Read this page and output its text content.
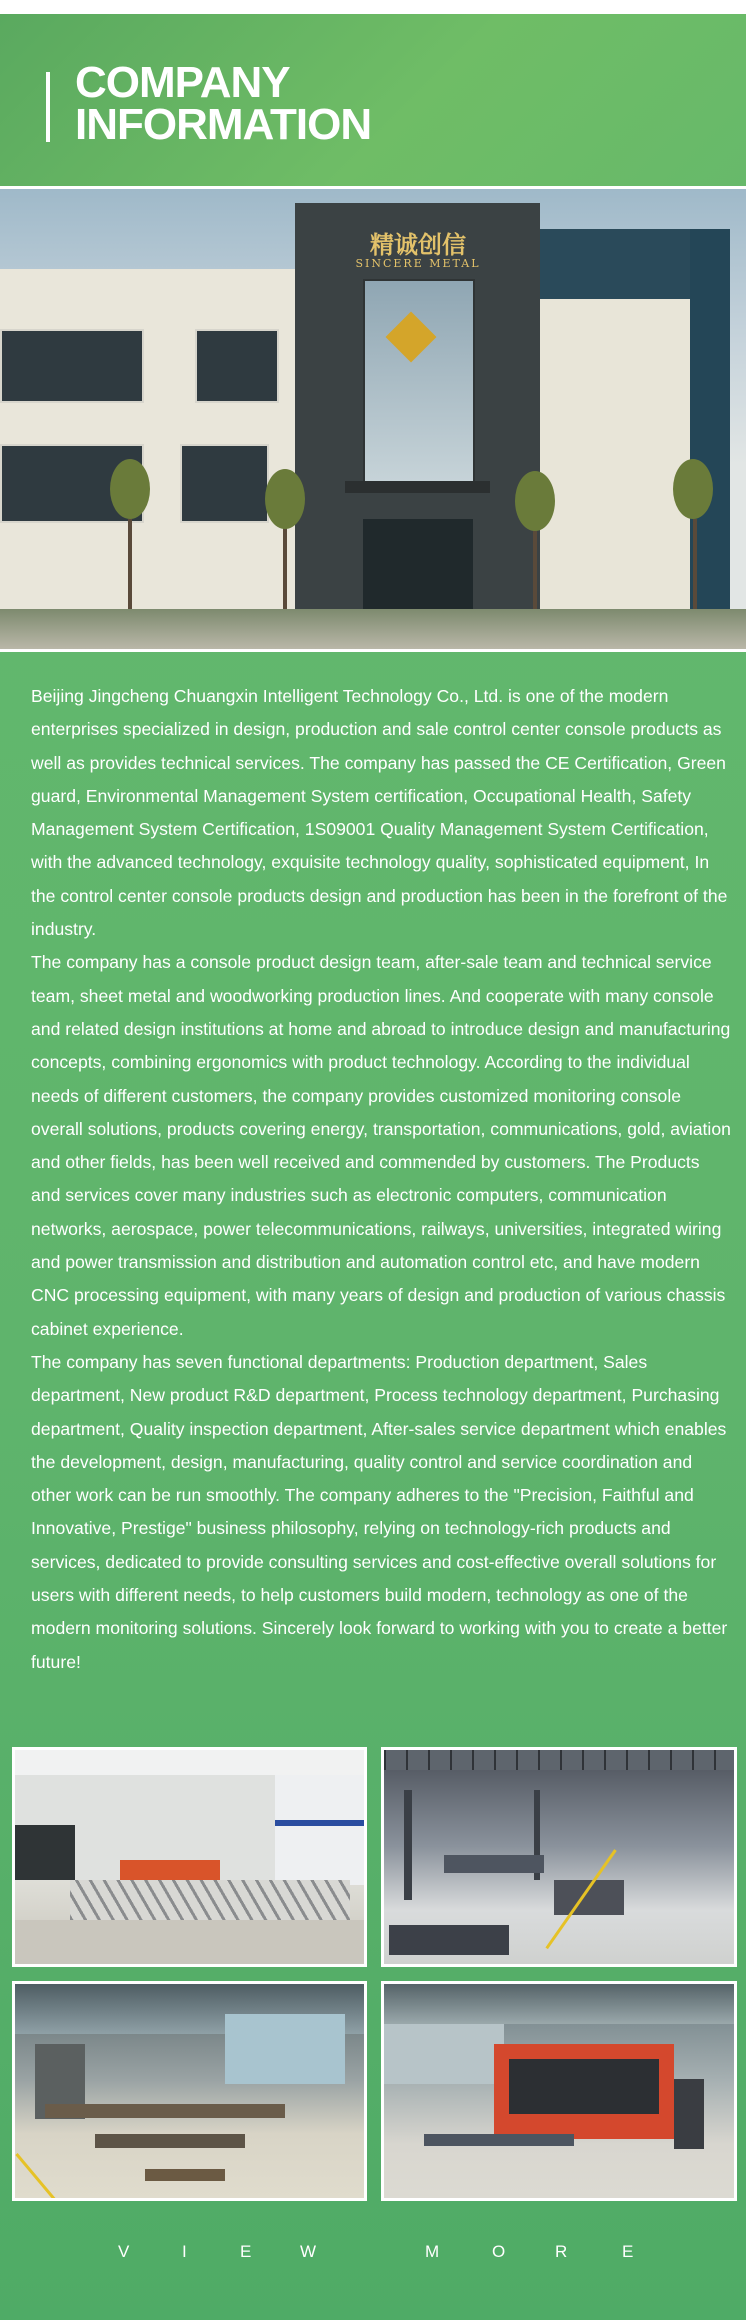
COMPANY
INFORMATION
精诚创信
SINCERE METAL

Beijing Jingcheng Chuangxin Intelligent Technology Co., Ltd. is one of the modern enterprises specialized in design, production and sale control center console products as well as provides technical services. The company has passed the CE Certification, Green guard, Environmental Management System certification, Occupational Health, Safety Management System Certification, 1S09001 Quality Management System Certification, with the advanced technology, exquisite technology quality, sophisticated equipment, In the control center console products design and production has been in the forefront of the industry.

The company has a console product design team, after-sale team and technical service team, sheet metal and woodworking production lines. And cooperate with many console and related design institutions at home and abroad to introduce design and manufacturing concepts, combining ergonomics with product technology. According to the individual needs of different customers, the company provides customized monitoring console overall solutions, products covering energy, transportation, communications, gold, aviation and other fields, has been well received and commended by customers. The Products and services cover many industries such as electronic computers, communication networks, aerospace, power telecommunications, railways, universities, integrated wiring and power transmission and distribution and automation control etc, and have modern CNC processing equipment, with many years of design and production of various chassis cabinet experience.

The company has seven functional departments: Production department, Sales department, New product R&D department, Process technology department, Purchasing department, Quality inspection department, After-sales service department which enables the development, design, manufacturing, quality control and service coordination and other work can be run smoothly. The company adheres to the "Precision, Faithful and Innovative, Prestige" business philosophy, relying on technology-rich products and services, dedicated to provide consulting services and cost-effective overall solutions for users with different needs, to help customers build modern, technology as one of the modern monitoring solutions. Sincerely look forward to working with you to create a better future!

V	I	E	W	M	O	R	E
